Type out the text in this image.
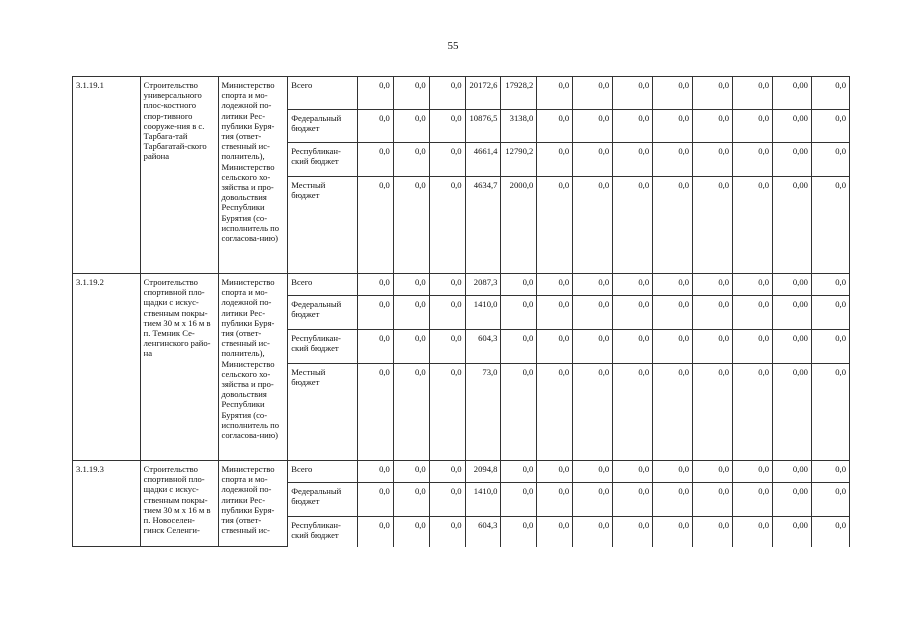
55
3.1.19.1	Строительство универсального плос-костного спор-тивного сооруже-ния в с. Тарбага-тай Тарбагатай-ского района	Министерство спорта и мо-лодежной по-литики Рес-публики Буря-тия (ответ-ственный ис-полнитель), Министерство сельского хо-зяйства и про-довольствия Республики Бурятия (со-исполнитель по согласова-нию)	Всего	0,0	0,0	0,0	20172,6	17928,2	0,0	0,0	0,0	0,0	0,0	0,0	0,00	0,0
			Федеральный бюджет	0,0	0,0	0,0	10876,5	3138,0	0,0	0,0	0,0	0,0	0,0	0,0	0,00	0,0
			Республикан-ский бюджет	0,0	0,0	0,0	4661,4	12790,2	0,0	0,0	0,0	0,0	0,0	0,0	0,00	0,0
			Местный бюджет	0,0	0,0	0,0	4634,7	2000,0	0,0	0,0	0,0	0,0	0,0	0,0	0,00	0,0
3.1.19.2	Строительство спортивной пло-щадки с искус-ственным покры-тием 30 м х 16 м в п. Темник Се-ленгинского райо-на	Министерство спорта и мо-лодежной по-литики Рес-публики Буря-тия (ответ-ственный ис-полнитель), Министерство сельского хо-зяйства и про-довольствия Республики Бурятия (со-исполнитель по согласова-нию)	Всего	0,0	0,0	0,0	2087,3	0,0	0,0	0,0	0,0	0,0	0,0	0,0	0,00	0,0
			Федеральный бюджет	0,0	0,0	0,0	1410,0	0,0	0,0	0,0	0,0	0,0	0,0	0,0	0,00	0,0
			Республикан-ский бюджет	0,0	0,0	0,0	604,3	0,0	0,0	0,0	0,0	0,0	0,0	0,0	0,00	0,0
			Местный бюджет	0,0	0,0	0,0	73,0	0,0	0,0	0,0	0,0	0,0	0,0	0,0	0,00	0,0
3.1.19.3	Строительство спортивной пло-щадки с искус-ственным покры-тием 30 м х 16 м в п. Новоселен-гинск Селенги-	Министерство спорта и мо-лодежной по-литики Рес-публики Буря-тия (ответ-ственный ис-	Всего	0,0	0,0	0,0	2094,8	0,0	0,0	0,0	0,0	0,0	0,0	0,0	0,00	0,0
			Федеральный бюджет	0,0	0,0	0,0	1410,0	0,0	0,0	0,0	0,0	0,0	0,0	0,0	0,00	0,0
			Республикан-ский бюджет	0,0	0,0	0,0	604,3	0,0	0,0	0,0	0,0	0,0	0,0	0,0	0,00	0,0
